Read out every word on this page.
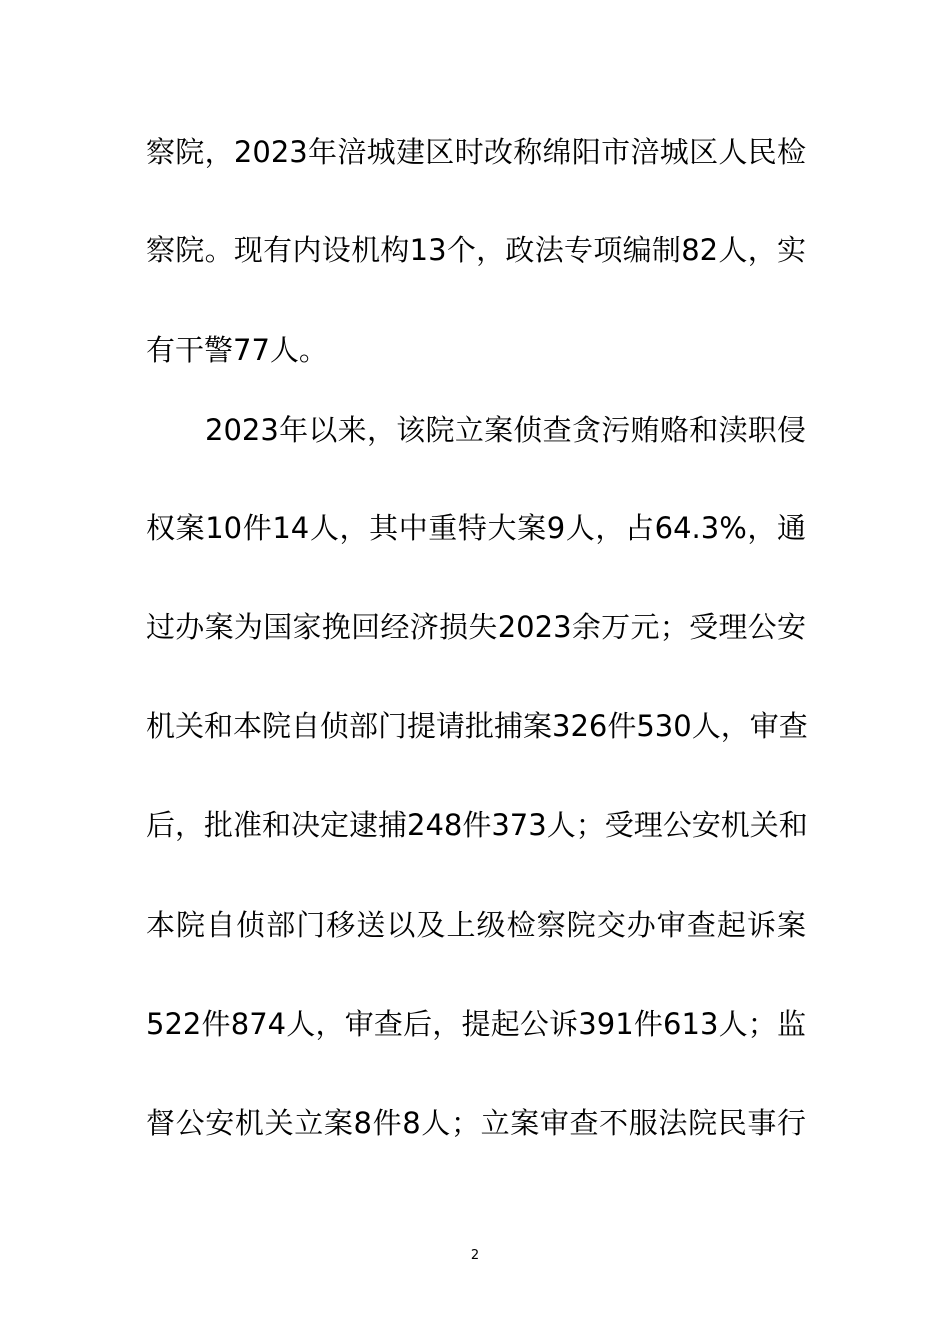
察院，2023年涪城建区时改称绵阳市涪城区人民检
察院。现有内设机构13个，政法专项编制82人，实
有干警77人。
2023年以来，该院立案侦查贪污贿赂和渎职侵
权案10件14人，其中重特大案9人，占64.3%，通
过办案为国家挽回经济损失2023余万元；受理公安
机关和本院自侦部门提请批捕案326件530人，审查
后，批准和决定逮捕248件373人；受理公安机关和
本院自侦部门移送以及上级检察院交办审查起诉案
522件874人，审查后，提起公诉391件613人；监
督公安机关立案8件8人；立案审查不服法院民事行
2
